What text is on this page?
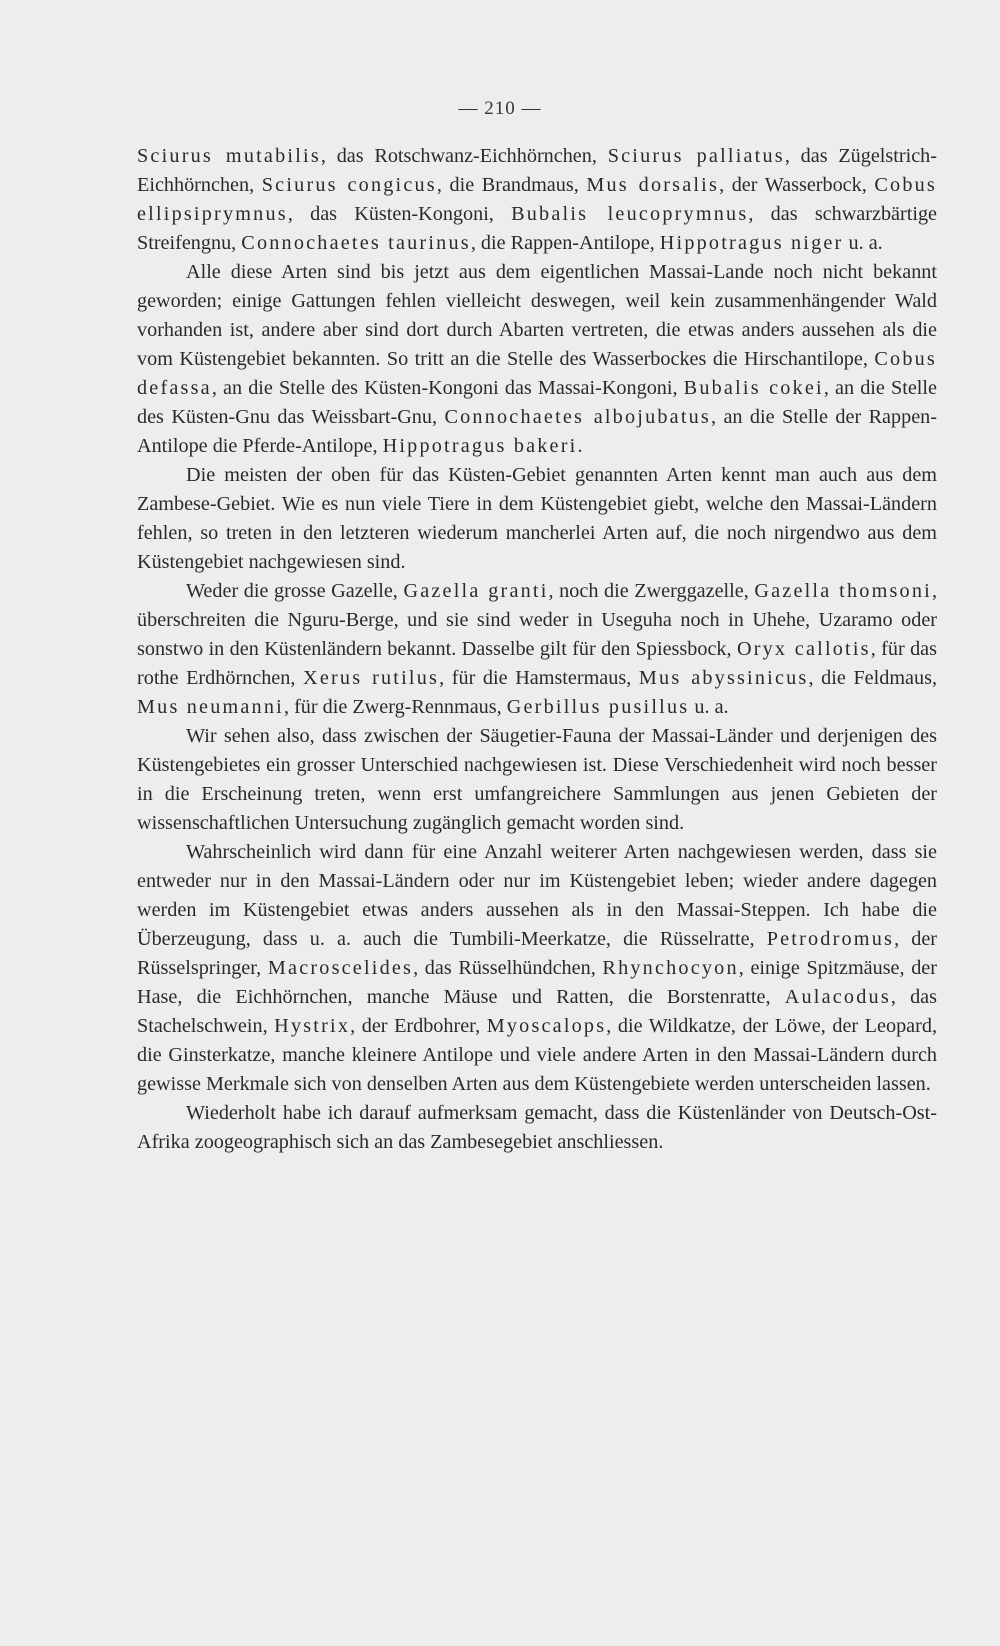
— 210 —

Sciurus mutabilis, das Rotschwanz-Eichhörnchen, Sciurus palliatus, das Zügelstrich-Eichhörnchen, Sciurus congicus, die Brandmaus, Mus dorsalis, der Wasserbock, Cobus ellipsiprymnus, das Küsten-Kongoni, Bubalis leucoprymnus, das schwarzbärtige Streifengnu, Connochaetes taurinus, die Rappen-Antilope, Hippotragus niger u. a.

Alle diese Arten sind bis jetzt aus dem eigentlichen Massai-Lande noch nicht bekannt geworden; einige Gattungen fehlen vielleicht deswegen, weil kein zusammenhängender Wald vorhanden ist, andere aber sind dort durch Abarten vertreten, die etwas anders aussehen als die vom Küstengebiet bekannten. So tritt an die Stelle des Wasserbockes die Hirschantilope, Cobus defassa, an die Stelle des Küsten-Kongoni das Massai-Kongoni, Bubalis cokei, an die Stelle des Küsten-Gnu das Weissbart-Gnu, Connochaetes albojubatus, an die Stelle der Rappen-Antilope die Pferde-Antilope, Hippotragus bakeri.

Die meisten der oben für das Küsten-Gebiet genannten Arten kennt man auch aus dem Zambese-Gebiet. Wie es nun viele Tiere in dem Küstengebiet giebt, welche den Massai-Ländern fehlen, so treten in den letzteren wiederum mancherlei Arten auf, die noch nirgendwo aus dem Küstengebiet nachgewiesen sind.

Weder die grosse Gazelle, Gazella granti, noch die Zwerggazelle, Gazella thomsoni, überschreiten die Nguru-Berge, und sie sind weder in Useguha noch in Uhehe, Uzaramo oder sonstwo in den Küstenländern bekannt. Dasselbe gilt für den Spiessbock, Oryx callotis, für das rothe Erdhörnchen, Xerus rutilus, für die Hamstermaus, Mus abyssinicus, die Feldmaus, Mus neumanni, für die Zwerg-Rennmaus, Gerbillus pusillus u. a.

Wir sehen also, dass zwischen der Säugetier-Fauna der Massai-Länder und derjenigen des Küstengebietes ein grosser Unterschied nachgewiesen ist. Diese Verschiedenheit wird noch besser in die Erscheinung treten, wenn erst umfangreichere Sammlungen aus jenen Gebieten der wissenschaftlichen Untersuchung zugänglich gemacht worden sind.

Wahrscheinlich wird dann für eine Anzahl weiterer Arten nachgewiesen werden, dass sie entweder nur in den Massai-Ländern oder nur im Küstengebiet leben; wieder andere dagegen werden im Küstengebiet etwas anders aussehen als in den Massai-Steppen. Ich habe die Überzeugung, dass u. a. auch die Tumbili-Meerkatze, die Rüsselratte, Petrodromus, der Rüsselspringer, Macroscelides, das Rüsselhündchen, Rhynchocyon, einige Spitzmäuse, der Hase, die Eichhörnchen, manche Mäuse und Ratten, die Borstenratte, Aulacodus, das Stachelschwein, Hystrix, der Erdbohrer, Myoscalops, die Wildkatze, der Löwe, der Leopard, die Ginsterkatze, manche kleinere Antilope und viele andere Arten in den Massai-Ländern durch gewisse Merkmale sich von denselben Arten aus dem Küstengebiete werden unterscheiden lassen.

Wiederholt habe ich darauf aufmerksam gemacht, dass die Küstenländer von Deutsch-Ost-Afrika zoogeographisch sich an das Zambesegebiet anschliessen.
